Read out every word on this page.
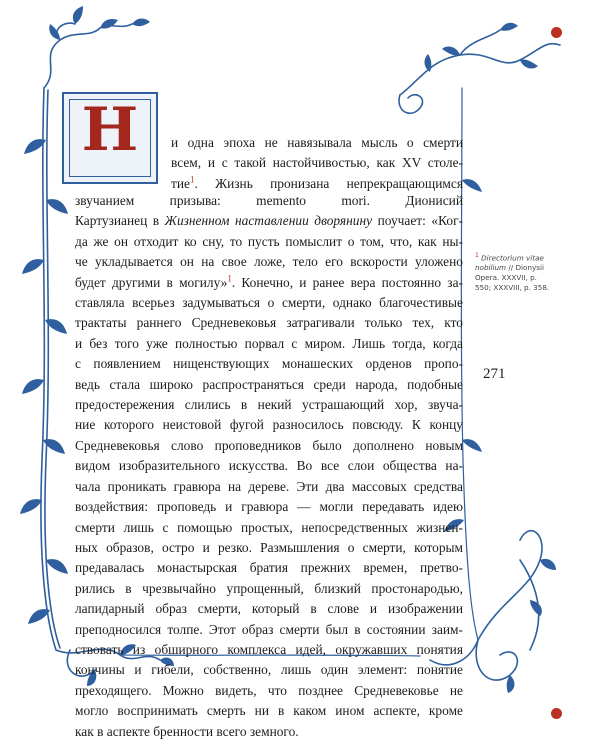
Н	и одна эпоха не навязывала мысль о смерти
всем, и с такой настойчивостью, как XV столе-
тие$^1$. Жизнь пронизана непрекращающимся
звучанием призыва: memento mori. Дионисий
Картузианец в Жизненном наставлении дворянину поучает: «Ког-
да же он отходит ко сну, то пусть помыслит о том, что, как ны-
че укладывается он на свое ложе, тело его вскорости уложено
будет другими в могилу»$^1$. Конечно, и ранее вера постоянно за-
ставляла всерьез задумываться о смерти, однако благочестивые
трактаты раннего Средневековья затрагивали только тех, кто
и без того уже полностью порвал с миром. Лишь тогда, когда
с появлением нищенствующих монашеских орденов пропо-
ведь стала широко распространяться среди народа, подобные
предостережения слились в некий устрашающий хор, звуча-
ние которого неистовой фугой разносилось повсюду. К концу
Средневековья слово проповедников было дополнено новым
видом изобразительного искусства. Во все слои общества на-
чала проникать гравюра на дереве. Эти два массовых средства
воздействия: проповедь и гравюра — могли передавать идею
смерти лишь с помощью простых, непосредственных жизнен-
ных образов, остро и резко. Размышления о смерти, которым
предавалась монастырская братия прежних времен, претво-
рились в чрезвычайно упрощенный, близкий простонародью,
лапидарный образ смерти, который в слове и изображении
преподносился толпе. Этот образ смерти был в состоянии заим-
ствовать из обширного комплекса идей, окружавших понятия
кончины и гибели, собственно, лишь один элемент: понятие
преходящего. Можно видеть, что позднее Средневековье не
могло воспринимать смерть ни в каком ином аспекте, кроме
как в аспекте бренности всего земного.
$^1$ Directorium vitae nobilium // Dionysii Opera. XXXVII, p. 550; XXXVIII, p. 358.
271
